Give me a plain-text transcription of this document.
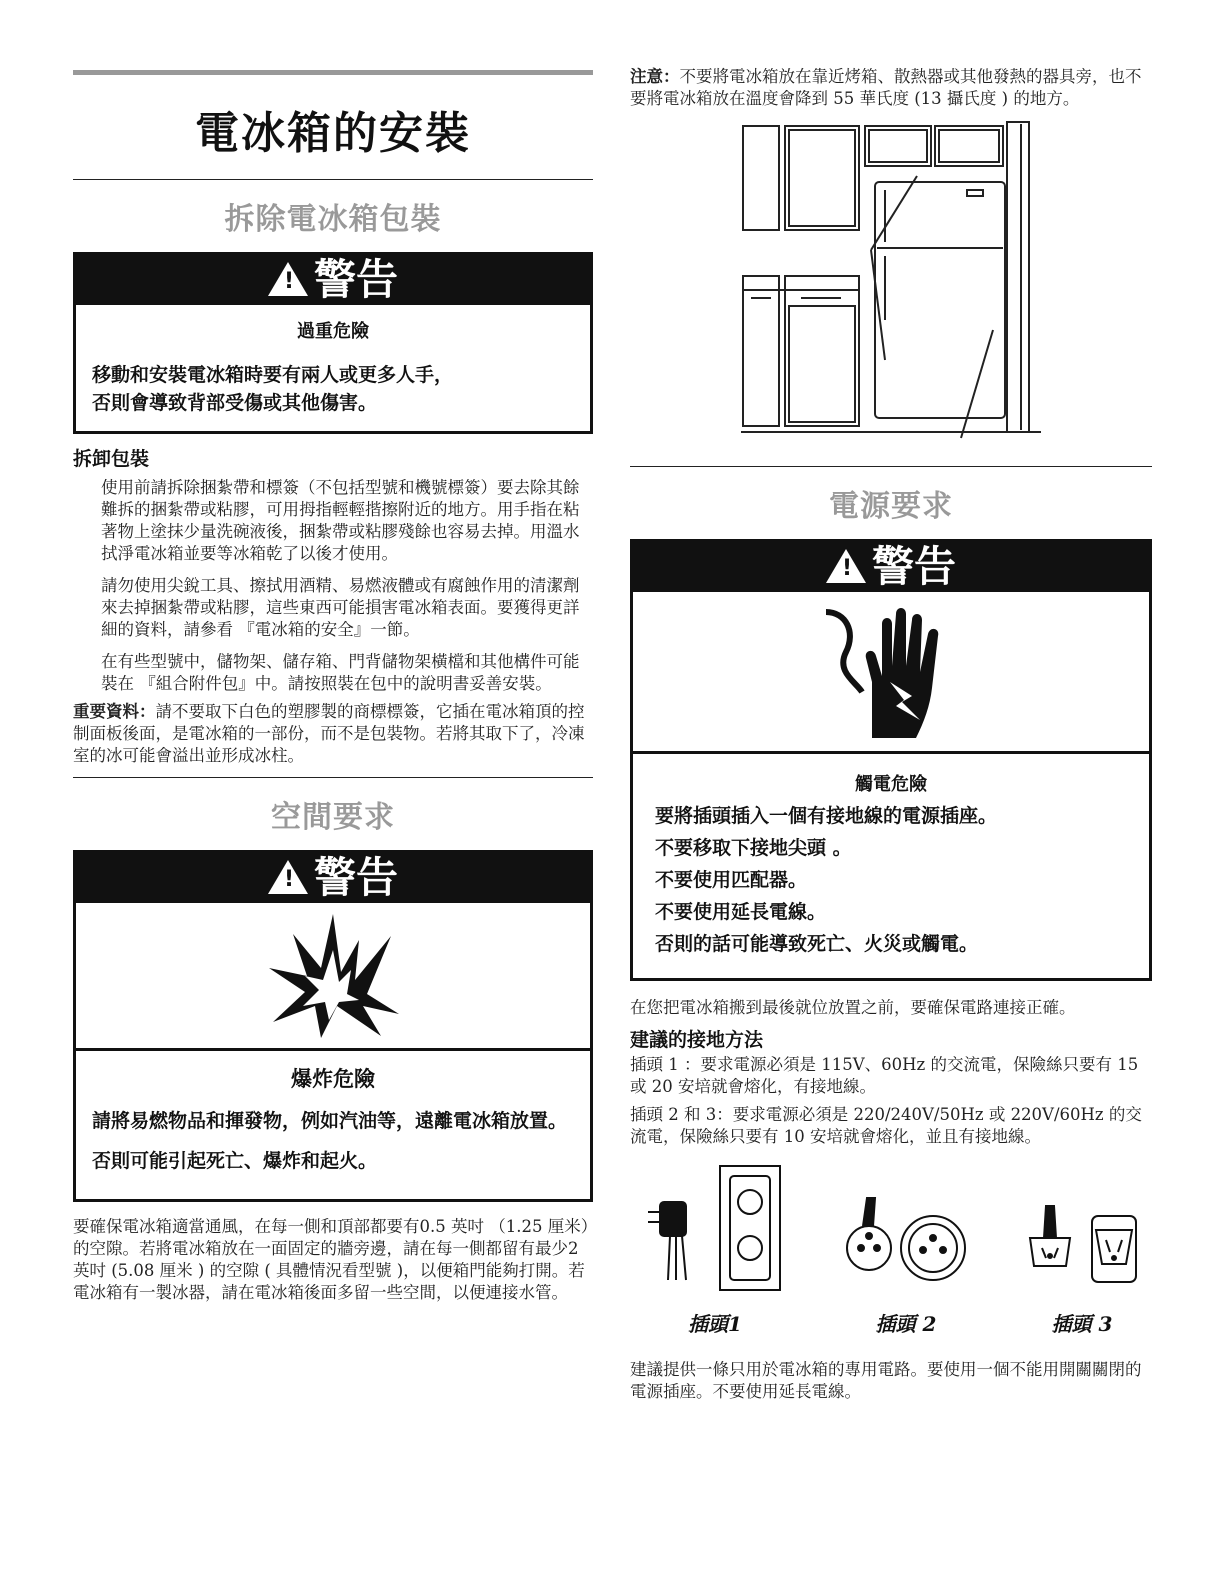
電冰箱的安裝
拆除電冰箱包裝
!警告
過重危險
移動和安裝電冰箱時要有兩人或更多人手，
否則會導致背部受傷或其他傷害。
拆卸包裝
使用前請拆除捆紮帶和標簽（不包括型號和機號標簽）要去除其餘難拆的捆紮帶或粘膠，可用拇指輕輕揩擦附近的地方。用手指在粘著物上塗抹少量洗碗液後，捆紮帶或粘膠殘餘也容易去掉。用溫水拭淨電冰箱並要等冰箱乾了以後才使用。
請勿使用尖銳工具、擦拭用酒精、易燃液體或有腐蝕作用的清潔劑來去掉捆紮帶或粘膠，這些東西可能損害電冰箱表面。要獲得更詳細的資料，請參看 『電冰箱的安全』一節。
在有些型號中，儲物架、儲存箱、門背儲物架橫檔和其他構件可能裝在 『組合附件包』中。請按照裝在包中的說明書妥善安裝。
重要資料：請不要取下白色的塑膠製的商標標簽，它插在電冰箱頂的控制面板後面，是電冰箱的一部份，而不是包裝物。若將其取下了，冷凍室的冰可能會溢出並形成冰柱。
空間要求
!警告
爆炸危險
請將易燃物品和揮發物，例如汽油等，遠離電冰箱放置。
否則可能引起死亡、爆炸和起火。
要確保電冰箱適當通風，在每一側和頂部都要有0.5 英吋 （1.25 厘米）的空隙。若將電冰箱放在一面固定的牆旁邊，請在每一側都留有最少2 英吋 (5.08 厘米 ) 的空隙 ( 具體情況看型號 )，以便箱門能夠打開。若電冰箱有一製冰器，請在電冰箱後面多留一些空間，以便連接水管。
注意：不要將電冰箱放在靠近烤箱、散熱器或其他發熱的器具旁，也不要將電冰箱放在溫度會降到 55 華氏度 (13 攝氏度 ) 的地方。
電源要求
!警告
觸電危險
要將插頭插入一個有接地線的電源插座。
不要移取下接地尖頭 。
不要使用匹配器。
不要使用延長電線。
否則的話可能導致死亡、火災或觸電。
在您把電冰箱搬到最後就位放置之前，要確保電路連接正確。
建議的接地方法
插頭 1 ：要求電源必須是 115V、60Hz 的交流電，保險絲只要有 15 或 20 安培就會熔化，有接地線。
插頭 2 和 3：要求電源必須是 220/240V/50Hz 或 220V/60Hz 的交流電，保險絲只要有 10 安培就會熔化，並且有接地線。
插頭1	插頭 2	插頭 3
建議提供一條只用於電冰箱的專用電路。要使用一個不能用開關關閉的電源插座。不要使用延長電線。
